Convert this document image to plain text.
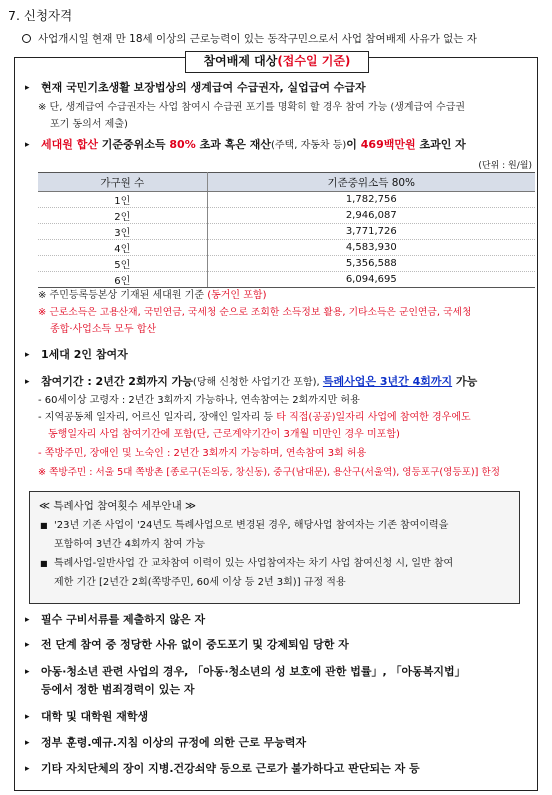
7. 신청자격
사업개시일 현재 만 18세 이상의 근로능력이 있는 동작구민으로서 사업 참여배제 사유가 없는 자
참여배제 대상(접수일 기준)
▸ 현재 국민기초생활 보장법상의 생계급여 수급권자, 실업급여 수급자
※ 단, 생계급여 수급권자는 사업 참여시 수급권 포기를 명확히 할 경우 참여 가능 (생계급여 수급권
포기 동의서 제출)
▸ 세대원 합산 기준중위소득 80% 초과 혹은 재산(주택, 자동차 등)이 469백만원 초과인 자
(단위 : 원/월)
가구원 수	기준중위소득 80%
1인	1,782,756
2인	2,946,087
3인	3,771,726
4인	4,583,930
5인	5,356,588
6인	6,094,695
※ 주민등록등본상 기재된 세대원 기준 (동거인 포함)
※ 근로소득은 고용산재, 국민연금, 국세청 순으로 조회한 소득정보 활용, 기타소득은 군인연금, 국세청
종합·사업소득 모두 합산
▸ 1세대 2인 참여자
▸ 참여기간 : 2년간 2회까지 가능(당해 신청한 사업기간 포함), 특례사업은 3년간 4회까지 가능
- 60세이상 고령자 : 2년간 3회까지 가능하나, 연속참여는 2회까지만 허용
- 지역공동체 일자리, 어르신 일자리, 장애인 일자리 등 타 직접(공공)일자리 사업에 참여한 경우에도
동행일자리 사업 참여기간에 포함(단, 근로계약기간이 3개월 미만인 경우 미포함)
- 쪽방주민, 장애인 및 노숙인 : 2년간 3회까지 가능하며, 연속참여 3회 허용
※ 쪽방주민 : 서울 5대 쪽방촌 [종로구(돈의동, 창신동), 중구(남대문), 용산구(서울역), 영등포구(영등포)] 한정
≪ 특례사업 참여횟수 세부안내 ≫
■ '23년 기존 사업이 '24년도 특례사업으로 변경된 경우, 해당사업 참여자는 기존 참여이력을
포함하여 3년간 4회까지 참여 가능
■ 특례사업-일반사업 간 교차참여 이력이 있는 사업참여자는 차기 사업 참여신청 시, 일반 참여
제한 기간 [2년간 2회(쪽방주민, 60세 이상 등 2년 3회)] 규정 적용
▸ 필수 구비서류를 제출하지 않은 자
▸ 전 단계 참여 중 정당한 사유 없이 중도포기 및 강제퇴임 당한 자
▸ 아동·청소년 관련 사업의 경우, 「아동·청소년의 성 보호에 관한 법률」, 「아동복지법」
등에서 정한 범죄경력이 있는 자
▸ 대학 및 대학원 재학생
▸ 정부 훈령.예규.지침 이상의 규정에 의한 근로 무능력자
▸ 기타 자치단체의 장이 지병.건강쇠약 등으로 근로가 불가하다고 판단되는 자 등
